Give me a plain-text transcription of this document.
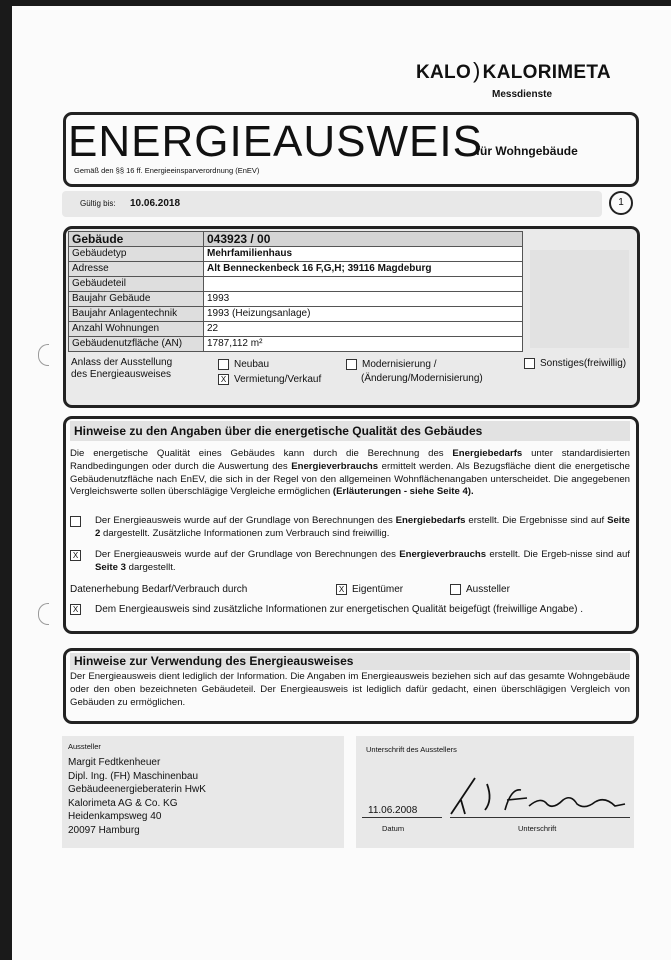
KALO) KALORIMETA
Messdienste
ENERGIEAUSWEIS
für Wohngebäude
Gemäß den §§ 16 ff. Energieeinsparverordnung (EnEV)
Gültig bis: 10.06.2018	1
Gebäude	043923 / 00
Gebäudetyp	Mehrfamilienhaus
Adresse	Alt Benneckenbeck 16 F,G,H; 39116 Magdeburg
Gebäudeteil	
Baujahr Gebäude	1993
Baujahr Anlagentechnik	1993 (Heizungsanlage)
Anzahl Wohnungen	22
Gebäudenutzfläche (AN)	1787,112 m²
Anlass der Ausstellung
des Energieausweises
Neubau
X Vermietung/Verkauf
Modernisierung /
(Änderung/Modernisierung)
Sonstiges(freiwillig)
Hinweise zu den Angaben über die energetische Qualität des Gebäudes
Die energetische Qualität eines Gebäudes kann durch die Berechnung des Energiebedarfs unter standardisierten Randbedingungen oder durch die Auswertung des Energieverbrauchs ermittelt werden. Als Bezugsfläche dient die energetische Gebäudenutzfläche nach EnEV, die sich in der Regel von den allgemeinen Wohnflächenangaben unterscheidet. Die angegebenen Vergleichswerte sollen überschlägige Vergleiche ermöglichen (Erläuterungen - siehe Seite 4).
Der Energieausweis wurde auf der Grundlage von Berechnungen des Energiebedarfs erstellt. Die Ergebnisse sind auf Seite 2 dargestellt. Zusätzliche Informationen zum Verbrauch sind freiwillig.
X Der Energieausweis wurde auf der Grundlage von Berechnungen des Energieverbrauchs erstellt. Die Ergeb-nisse sind auf Seite 3 dargestellt.
Datenerhebung Bedarf/Verbrauch durch	X Eigentümer	Aussteller
X Dem Energieausweis sind zusätzliche Informationen zur energetischen Qualität beigefügt (freiwillige Angabe) .
Hinweise zur Verwendung des Energieausweises
Der Energieausweis dient lediglich der Information. Die Angaben im Energieausweis beziehen sich auf das gesamte Wohngebäude oder den oben bezeichneten Gebäudeteil. Der Energieausweis ist lediglich dafür gedacht, einen überschlägigen Vergleich von Gebäuden zu ermöglichen.
Aussteller
Margit Fedtkenheuer
Dipl. Ing. (FH) Maschinenbau
Gebäudeenergieberaterin HwK
Kalorimeta AG & Co. KG
Heidenkampsweg 40
20097 Hamburg
Unterschrift des Ausstellers
11.06.2008
Datum	Unterschrift
